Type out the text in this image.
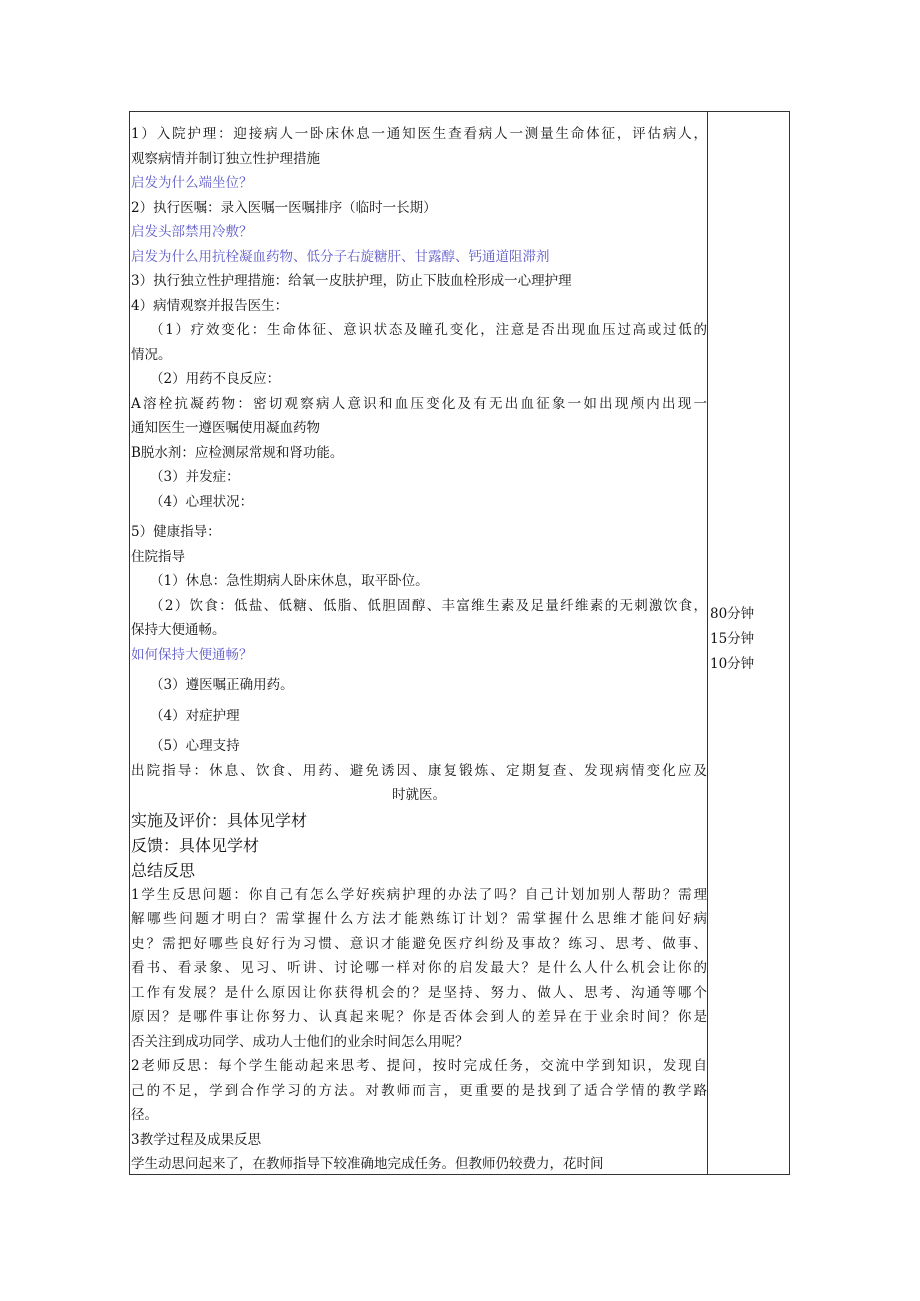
1）入院护理：迎接病人一卧床休息一通知医生查看病人一测量生命体征，评估病人，

观察病情并制订独立性护理措施

启发为什么端坐位？

2）执行医嘱：录入医嘱一医嘱排序（临时一长期）

启发头部禁用冷敷？

启发为什么用抗栓凝血药物、低分子右旋糖肝、甘露醇、钙通道阻滞剂

3）执行独立性护理措施：给氧一皮肤护理，防止下肢血栓形成一心理护理

4）病情观察并报告医生：

（1）疗效变化：生命体征、意识状态及瞳孔变化，注意是否出现血压过高或过低的

情况。

（2）用药不良反应：

A溶栓抗凝药物：密切观察病人意识和血压变化及有无出血征象一如出现颅内出现一

通知医生一遵医嘱使用凝血药物

B脱水剂：应检测尿常规和肾功能。

（3）并发症：

（4）心理状况：

5）健康指导：

住院指导

（1）休息：急性期病人卧床休息，取平卧位。

（2）饮食：低盐、低糖、低脂、低胆固醇、丰富维生素及足量纤维素的无刺激饮食，

保持大便通畅。

如何保持大便通畅？

（3）遵医嘱正确用药。

（4）对症护理

（5）心理支持

出院指导：休息、饮食、用药、避免诱因、康复锻炼、定期复查、发现病情变化应及

时就医。

实施及评价：具体见学材

反馈：具体见学材

总结反思

1学生反思问题：你自己有怎么学好疾病护理的办法了吗？自己计划加别人帮助？需理

解哪些问题才明白？需掌握什么方法才能熟练订计划？需掌握什么思维才能问好病

史？需把好哪些良好行为习惯、意识才能避免医疗纠纷及事故？练习、思考、做事、

看书、看录象、见习、听讲、讨论哪一样对你的启发最大？是什么人什么机会让你的

工作有发展？是什么原因让你获得机会的？是坚持、努力、做人、思考、沟通等哪个

原因？是哪件事让你努力、认真起来呢？你是否体会到人的差异在于业余时间？你是

否关注到成功同学、成功人士他们的业余时间怎么用呢？

2老师反思：每个学生能动起来思考、提问，按时完成任务，交流中学到知识，发现自

己的不足，学到合作学习的方法。对教师而言，更重要的是找到了适合学情的教学路

径。

3教学过程及成果反思

学生动思问起来了，在教师指导下较准确地完成任务。但教师仍较费力，花时间

80分钟

15分钟

10分钟
